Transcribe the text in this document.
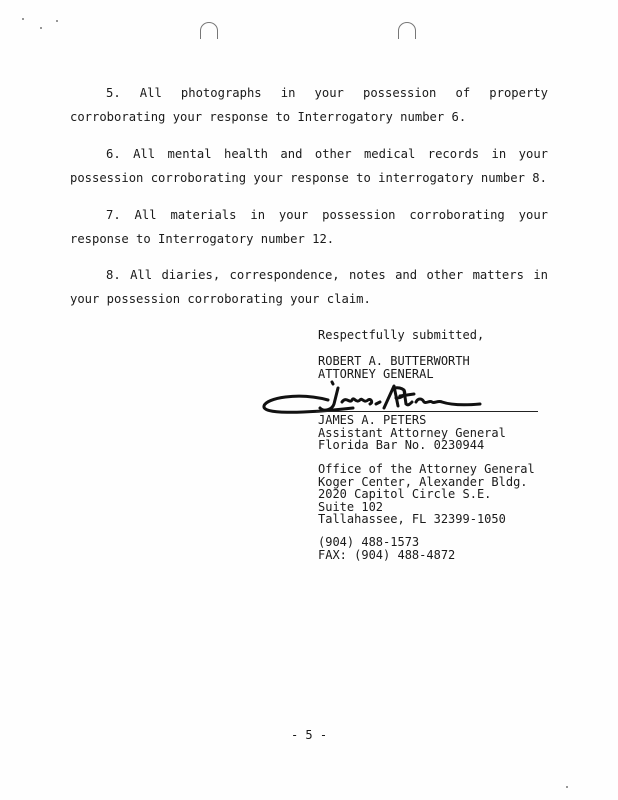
5. All photographs in your possession of property
corroborating your response to Interrogatory number 6.
6. All mental health and other medical records in your
possession corroborating your response to interrogatory number 8.
7. All materials in your possession corroborating your
response to Interrogatory number 12.
8. All diaries, correspondence, notes and other matters in
your possession corroborating your claim.
Respectfully submitted,
ROBERT A. BUTTERWORTH
ATTORNEY GENERAL
JAMES A. PETERS
Assistant Attorney General
Florida Bar No. 0230944
Office of the Attorney General
Koger Center, Alexander Bldg.
2020 Capitol Circle S.E.
Suite 102
Tallahassee, FL 32399-1050
(904) 488-1573
FAX: (904) 488-4872
- 5 -
